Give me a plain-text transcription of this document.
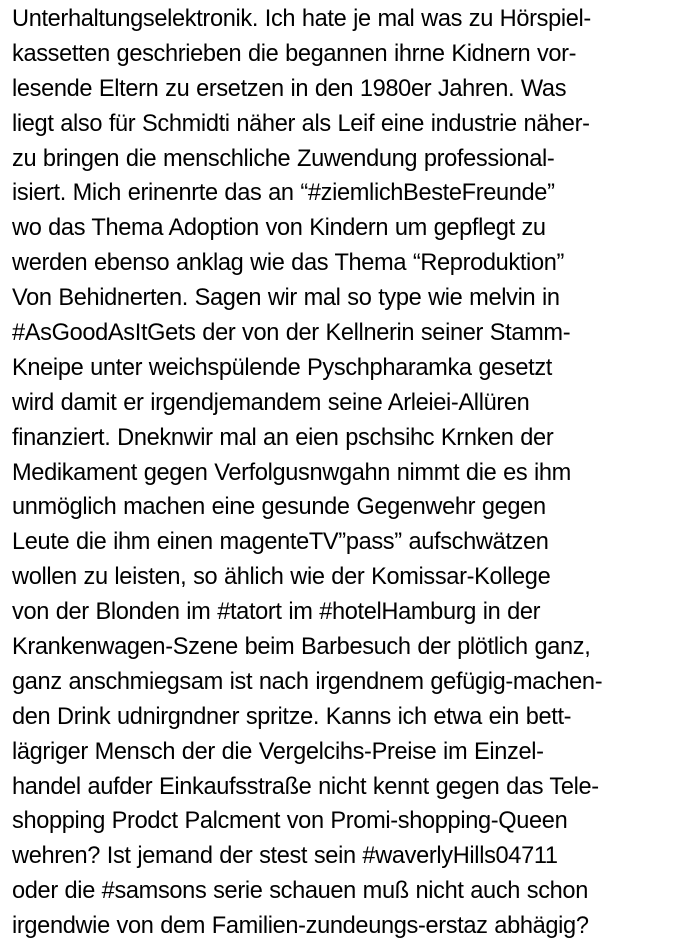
Unterhaltungselektronik. Ich hate je mal was zu Hörspiel-
kassetten geschrieben die begannen ihrne Kidnern vor-
lesende Eltern zu ersetzen in den 1980er Jahren. Was
liegt also für Schmidti näher als Leif eine industrie näher-
zu bringen die menschliche Zuwendung professional-
isiert. Mich erinenrte das an “#ziemlichBesteFreunde”
wo das Thema Adoption von Kindern um gepflegt zu
werden ebenso anklag wie das Thema “Reproduktion”
Von Behidnerten. Sagen wir mal so type wie melvin in
#AsGoodAsItGets der von der Kellnerin seiner Stamm-
Kneipe unter weichspülende Pyschpharamka gesetzt
wird damit er irgendjemandem seine Arleiei-Allüren
finanziert. Dneknwir mal an eien pschsihc Krnken der
Medikament gegen Verfolgusnwgahn nimmt die es ihm
unmöglich machen eine gesunde Gegenwehr gegen
Leute die ihm einen magenteTV”pass” aufschwätzen
wollen zu leisten, so ählich wie der Komissar-Kollege
von der Blonden im #tatort im #hotelHamburg in der
Krankenwagen-Szene beim Barbesuch der plötlich ganz,
ganz anschmiegsam ist nach irgendnem gefügig-machen-
den Drink udnirgndner spritze. Kanns ich etwa ein bett-
lägriger Mensch der die Vergelcihs-Preise im Einzel-
handel aufder Einkaufsstraße nicht kennt gegen das Tele-
shopping Prodct Palcment von Promi-shopping-Queen
wehren? Ist jemand der stest sein #waverlyHills04711
oder die #samsons serie schauen muß nicht auch schon
irgendwie von dem Familien-zundeungs-erstaz abhägig?
